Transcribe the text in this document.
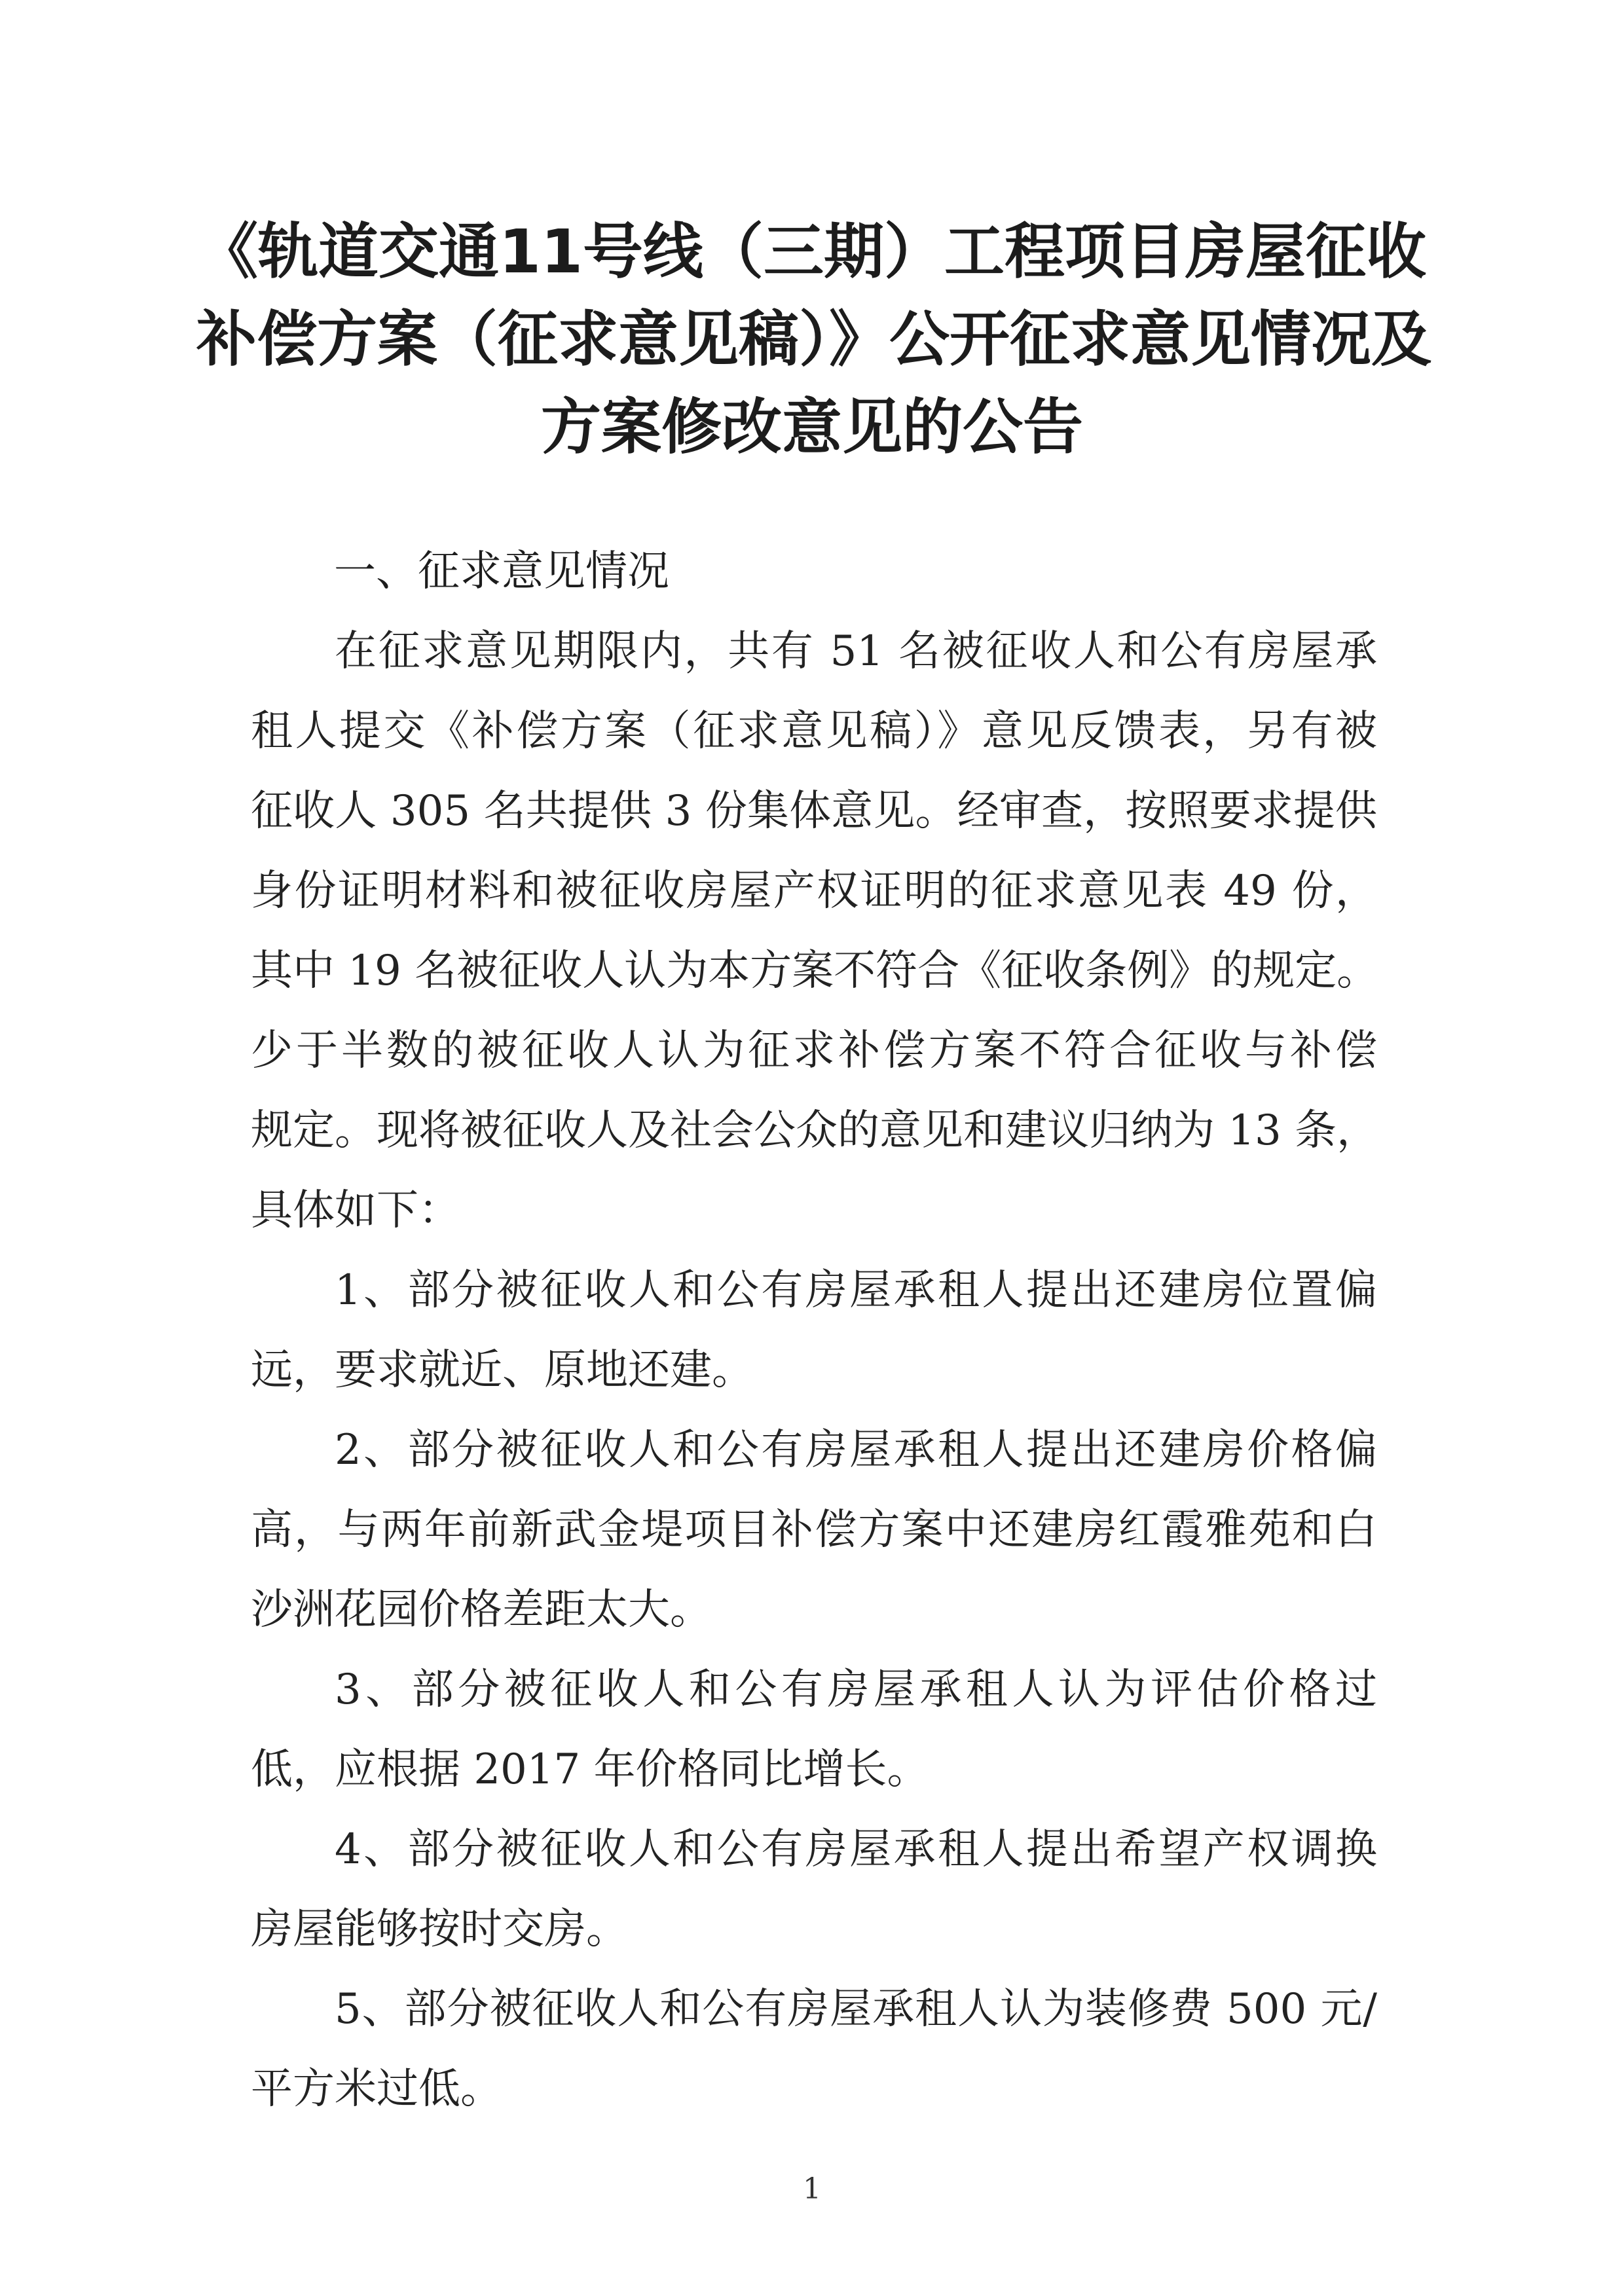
《轨道交通11号线（三期）工程项目房屋征收
补偿方案（征求意见稿）》公开征求意见情况及
方案修改意见的公告
一、征求意见情况
在征求意见期限内，共有 51 名被征收人和公有房屋承
租人提交《补偿方案（征求意见稿）》意见反馈表，另有被
征收人 305 名共提供 3 份集体意见。经审查，按照要求提供
身份证明材料和被征收房屋产权证明的征求意见表 49 份，
其中 19 名被征收人认为本方案不符合《征收条例》的规定。
少于半数的被征收人认为征求补偿方案不符合征收与补偿
规定。现将被征收人及社会公众的意见和建议归纳为 13 条，
具体如下：
1、部分被征收人和公有房屋承租人提出还建房位置偏
远，要求就近、原地还建。
2、部分被征收人和公有房屋承租人提出还建房价格偏
高，与两年前新武金堤项目补偿方案中还建房红霞雅苑和白
沙洲花园价格差距太大。
3、部分被征收人和公有房屋承租人认为评估价格过
低，应根据 2017 年价格同比增长。
4、部分被征收人和公有房屋承租人提出希望产权调换
房屋能够按时交房。
5、部分被征收人和公有房屋承租人认为装修费 500 元/
平方米过低。
1
